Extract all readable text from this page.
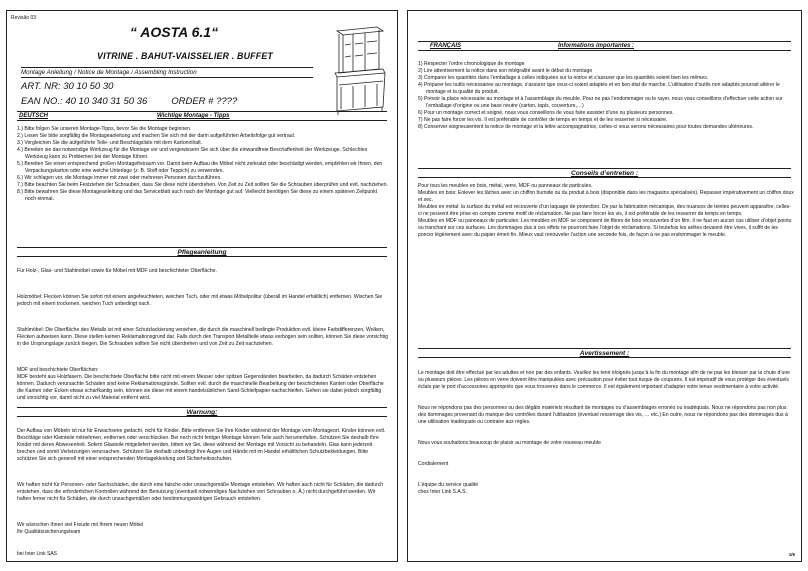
Revisão 03
“ AOSTA 6.1“
VITRINE . BAHUT-VAISSELIER . BUFFET
Montage Anleitung / Notice de Montage / Assembling Instruction
ART. NR: 30 10 50 30
EAN NO.: 40 10 340 31 50 36	ORDER # ????
DEUTSCH	Wichtige Montage - Tipps
1.) Bitte folgen Sie unseren Montage-Tipps, bevor Sie die Montage beginnen.
2.) Lesen Sie bitte sorgfältig die Montageanleitung und machen Sie sich mit der darin aufgeführten Arbeitsfolge gut vertraut.
3.) Vergleichen Sie die aufgeführte Teile- und Beschlagsliste mit dem Kartoninhalt.
4.) Bereiten sie das notwendige Werkzeug für die Montage vor und vergewissern Sie sich über die einwandfreie Beschaffenheit der Werkzeuge. Schlechtes Werkzeug kann zu Problemen bei der Montage führen.
5.) Bereiten Sie einen entsprechend großen Montagefreiraum vor. Damit beim Aufbau die Möbel nicht zerkratzt oder beschädigt werden, empfehlen wir Ihnen, den Verpackungskarton oder eine weiche Unterlage (z. B. Stoff oder Teppich) zu verwenden.
6.) Wir schlagen vor, die Montage immer mit zwei oder mehreren Personen durchzuführen.
7.) Bitte beachten Sie beim Festziehen der Schrauben, dass Sie diese nicht überdrehen. Von Zeit zu Zeit sollten Sie die Schrauben überprüfen und evtl. nachziehen.
8.) Bitte bewahren Sie diese Montageanleitung und das Serviceblatt auch nach der Montage gut auf. Vielleicht benötigen Sie diese zu einem späteren Zeitpunkt noch einmal.
Pflegeanleitung

Für Holz-, Glas- und Stahlmöbel sowie für Möbel mit MDF und beschichteter Oberfläche.

Holzmöbel: Flecken können Sie sofort mit einem angefeuchteten, weichen Tuch, oder mit etwas Möbelpolitur (überall im Handel erhältlich) entfernen. Wischen Sie jedoch mit einem trockenen, weichen Tuch unbedingt nach.

Stahlmöbel: Die Oberfläche des Metalls ist mit einer Schutzlackierung versehen, die durch die maschinell bedingte Produktion evtl. kleine Farbdifferenzen, Wolken, Flecken aufweisen kann. Diese stellen keinen Reklamationsgrund dar. Falls durch den Transport Metallteile etwas verbogen sein sollten, können Sie diese vorsichtig in die Ursprungslage zurück biegen. Die Schrauben sollten Sie nicht überdrehen und von Zeit zu Zeit nachziehen.

MDF und beschichtete Oberflächen:
MDF besteht aus Holzfasern. Die beschichtete Oberfläche bitte nicht mit einem Messer oder spitzen Gegenständen bearbeiten, da dadurch Schäden entstehen können. Dadurch verursachte Schäden sind keine Reklamationsgründe. Sollten evtl. durch die maschinelle Bearbeitung der beschichteten Kanten oder Oberfläche die Kanten oder Ecken etwas scharfkantig sein, können sie diese mit einem handelsüblichen Sand-Schleifpapier nachschleifen. Gehen sie dabei jedoch sorgfältig und vorsichtig vor, damit nicht zu viel Material entfernt wird.

Warnung:

Der Aufbau von Möbeln ist nur für Erwachsene gedacht, nicht für Kinder. Bitte entfernen Sie Ihre Kinder während der Montage vom Montageort. Kinder können evtl. Beschläge oder Kleinteile mitnehmen, entfernen oder verschlucken. Bei noch nicht fertiger Montage können Teile auch herunterfallen. Schützen Sie deshalb Ihre Kinder mit deren Abwesenheit. Sofern Glasteile mitgeliefert werden, bitten wir Sie, diese während der Montage mit Vorsicht zu behandeln. Glas kann jederzeit brechen und somit Verletzungen verursachen. Schützen Sie deshalb unbedingt Ihre Augen und Hände mit im Handel erhältlichen Schutzbekleidungen. Bitte schützen Sie sich generell mit einer entsprechenden Montagekleidung und Sicherheitsschuhen.

Wir haften nicht für Personen- oder Sachschäden, die durch eine falsche oder unsachgemäße Montage entstehen. Wir haften auch nicht für Schäden, die dadurch entstehen, dass die erforderlichen Kontrollen während der Benutzung (eventuell notwendiges Nachziehen von Schrauben o. Ä.) nicht durchgeführt werden. Wir haften ferner nicht für Schäden, die durch unsachgemäßen oder bestimmungswidrigen Gebrauch entstehen.

Wir wünschen Ihnen viel Freude mit Ihrem neuen Möbel
Ihr Qualitätssicherungsteam

bei Inter Link SAS
FRANÇAIS	Informations importantes :
1) Respecter l’ordre chronologique de montage
2) Lire attentivement la notice dans son intégralité avant le début du montage
3) Comparer les quantités dans l’emballage à celles indiquées sur la notice et s’assurer que les quantités soient bien les mêmes.
4) Préparer les outils nécessaires au montage, s’assurer que ceux-ci soient adaptés et en bon état de marche. L’utilisation d’outils non adaptés pourrait altérer le montage et la qualité du produit.
5) Prévoir la place nécessaire au montage et à l’assemblage du meuble. Pour ne pas l’endommager ou le rayer, nous vous conseillons d’effectuer cette action sur l’emballage d’origine ou une base neutre (carton, tapis, couverture,…)
6) Pour un montage correct et soigné, nous vous conseillons de vous faire assister d’une ou plusieurs personnes.
7) Ne pas faire forcer les vis. Il est préférable de contrôler de temps en temps et de les resserrer si nécessaire.
8) Conserver soigneusement la notice de montage et la lettre accompagnatrice, celles-ci vous serons nécessaires pour toutes demandes ultérieures.
Conseils d’entretien :

Pour tous les meubles en bois, métal, verre, MDF ou panneaux de particules.

Meubles en bois: Enlever les tâches avec un chiffon humide ou du produit à bois (disponible dans les magasins spécialisés). Repasser impérativement un chiffon doux et sec.

Meubles en métal: la surface du métal est recouverte d’un laquage de protection. De par la fabrication mécanique, des nuances de teintes peuvent apparaître, celles-ci ne peuvent être prise en compte comme motif de réclamation. Ne pas faire forcer les vis, il est préférable de les resserrer de temps en temps.

Meubles en MDF ou panneaux de particules: Les meubles en MDF se composent de fibres de bois recouvertes d’un film. Il ne faut en aucun cas utiliser d’objet pointu ou tranchant sur ces surfaces. Les dommages dus à ces effets ne pourront faire l’objet de réclamations. Si toutefois les arêtes devaient être vives, il suffit de les poncer légèrement avec du papier émeri fin. Mieux vaut renouveler l’action une seconde fois, de façon à ne pas endommager le meuble.

Avertissement :

Le montage doit être effectué par les adultes et non par des enfants. Veuillez les tenir éloignés jusqu’à la fin du montage afin de ne pas les blesser par la chute d’une ou plusieurs pièces. Les pièces en verre doivent être manipulées avec précaution pour éviter tout risque de coupures. Il est impératif de vous protéger des éventuels éclats par le port d’accessoires appropriés que vous trouverez dans le commerce. Il est également important d’adapter votre tenue vestimentaire à votre activité.

Nous ne répondons pas des personnes ou des dégâts matériels résultant de montages ou d’assemblages erronés ou inadéquats. Nous ne répondons pas non plus des dommages provenant du manque des contrôles durant l’utilisation (éventuel resserrage des vis, … etc.) En outre, nous ne répondons pas des dommages dus à une utilisation inadéquate ou contraire aux règles.

Nous vous souhaitons beaucoup de plaisir au montage de votre nouveau meuble

Cordialement

L’équipe du service qualité
chez Inter Link S.A.S.

1/6
